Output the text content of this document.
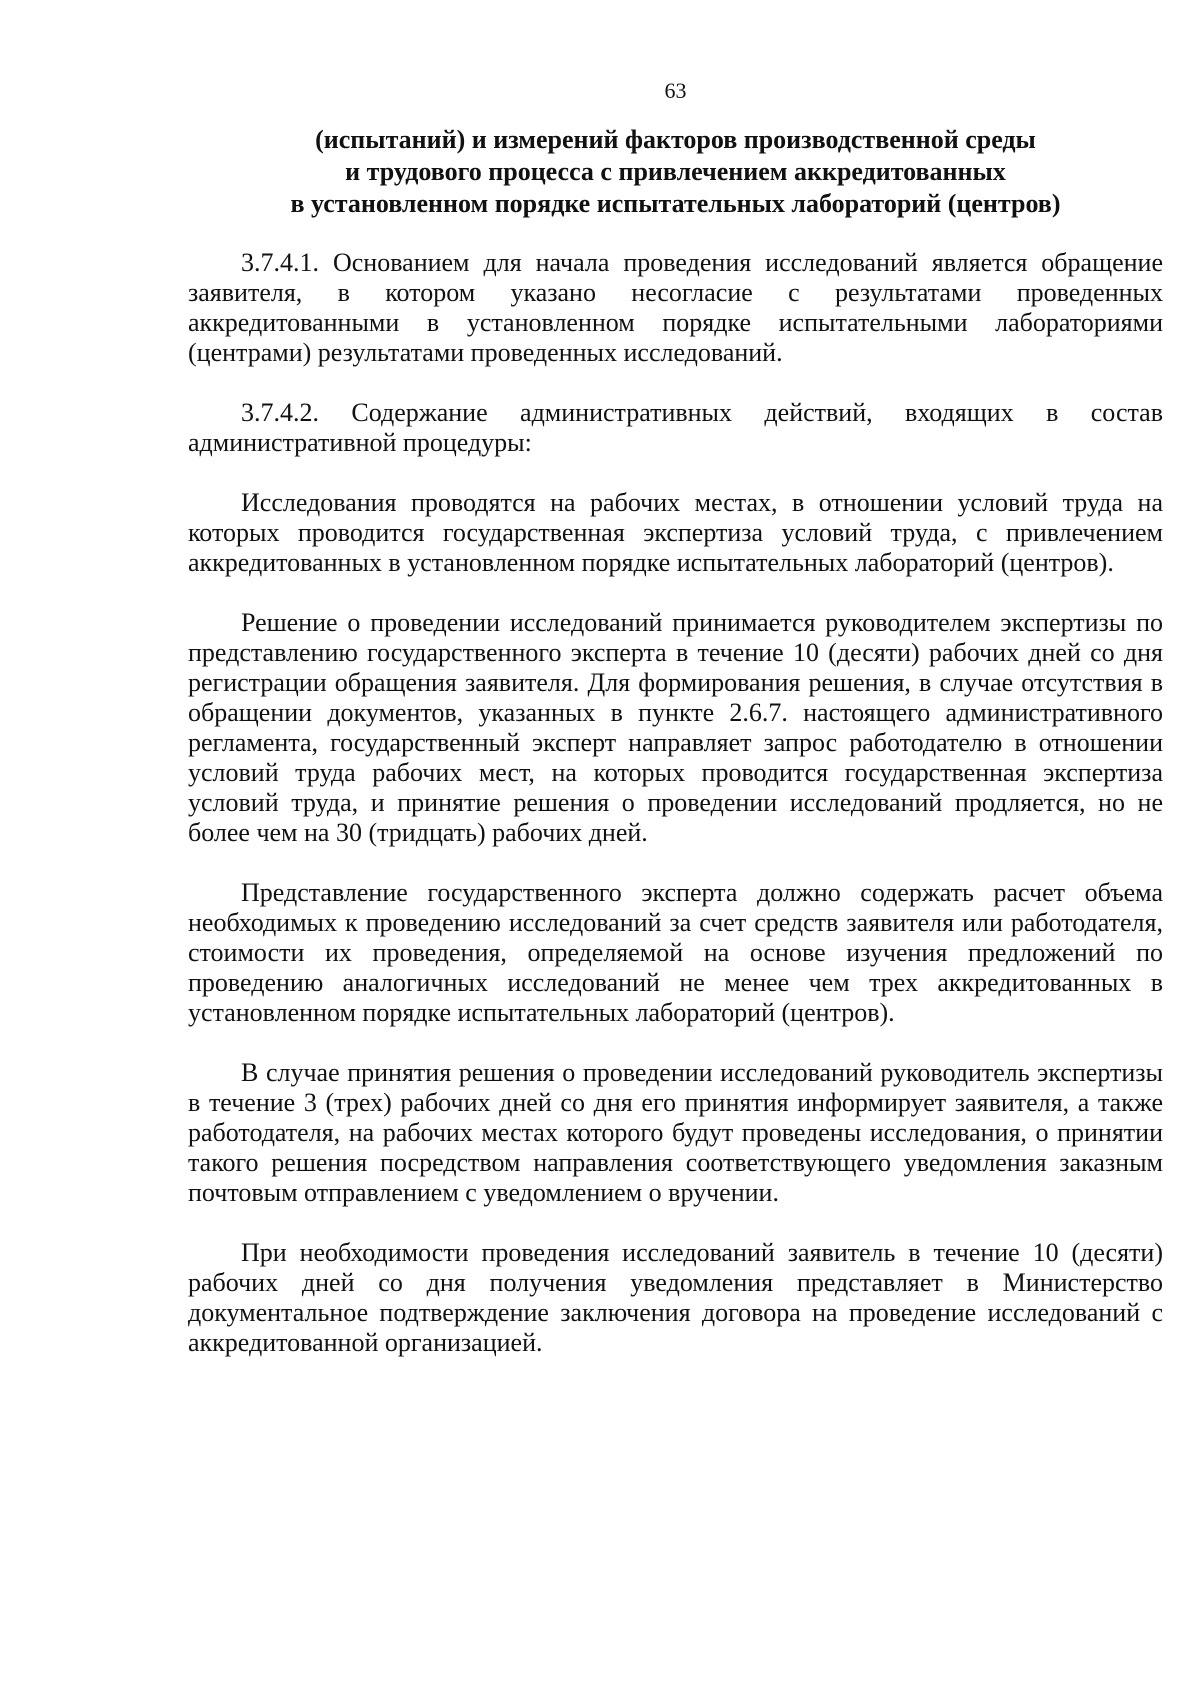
63
(испытаний) и измерений факторов производственной среды
и трудового процесса с привлечением аккредитованных
в установленном порядке испытательных лабораторий (центров)

3.7.4.1. Основанием для начала проведения исследований является обращение заявителя, в котором указано несогласие с результатами проведенных аккредитованными в установленном порядке испытательными лабораториями (центрами) результатами проведенных исследований.

3.7.4.2. Содержание административных действий, входящих в состав административной процедуры:

Исследования проводятся на рабочих местах, в отношении условий труда на которых проводится государственная экспертиза условий труда, с привлечением аккредитованных в установленном порядке испытательных лабораторий (центров).

Решение о проведении исследований принимается руководителем экспертизы по представлению государственного эксперта в течение 10 (десяти) рабочих дней со дня регистрации обращения заявителя. Для формирования решения, в случае отсутствия в обращении документов, указанных в пункте 2.6.7. настоящего административного регламента, государственный эксперт направляет запрос работодателю в отношении условий труда рабочих мест, на которых проводится государственная экспертиза условий труда, и принятие решения о проведении исследований продляется, но не более чем на 30 (тридцать) рабочих дней.

Представление государственного эксперта должно содержать расчет объема необходимых к проведению исследований за счет средств заявителя или работодателя, стоимости их проведения, определяемой на основе изучения предложений по проведению аналогичных исследований не менее чем трех аккредитованных в установленном порядке испытательных лабораторий (центров).

В случае принятия решения о проведении исследований руководитель экспертизы в течение 3 (трех) рабочих дней со дня его принятия информирует заявителя, а также работодателя, на рабочих местах которого будут проведены исследования, о принятии такого решения посредством направления соответствующего уведомления заказным почтовым отправлением с уведомлением о вручении.

При необходимости проведения исследований заявитель в течение 10 (десяти) рабочих дней со дня получения уведомления представляет в Министерство документальное подтверждение заключения договора на проведение исследований с аккредитованной организацией.
